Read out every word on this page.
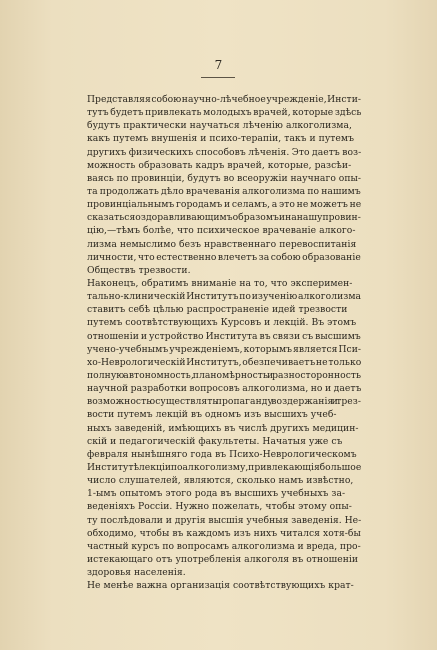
7
Представляя собою научно-лѣчебное учрежденіе, Инсти-
тутъ будетъ привлекать молодыхъ врачей, которые здѣсь
будутъ практически научаться лѣченію алкоголизма,
какъ путемъ внушенія и психо-терапіи, такъ и путемъ
другихъ физическихъ способовъ лѣченія. Это даетъ воз-
можность образовать кадръ врачей, которые, разсѣи-
ваясь по провинціи, будутъ во всеоружіи научнаго опы-
та продолжать дѣло врачеванія алкоголизма по нашимъ
провинціальнымъ городамъ и селамъ, а это не можетъ не
сказаться оздоравливающимъ образомъ и на нашу провин-
цію,—тѣмъ болѣе, что психическое врачеваніе алкого-
лизма немыслимо безъ нравственнаго перевоспитанія
личности, что естественно влечетъ за собою образованіе
Обществъ трезвости.
Наконецъ, обратимъ вниманіе на то, что эксперимен-
тально-клиническій Институтъ по изученію алкоголизма
ставитъ себѣ цѣлью распространеніе идей трезвости
путемъ соотвѣтствующихъ Курсовъ и лекцій. Въ этомъ
отношеніи и устройство Института въ связи съ высшимъ
учено-учебнымъ учрежденіемъ, которымъ является Пси-
хо-Неврологическій Институтъ, обезпечиваетъ не только
полную автономность, планомѣрность и разносторонность
научной разработки вопросовъ алкоголизма, но и даетъ
возможность осуществлять пропаганду воздержанія и трез-
вости путемъ лекцій въ одномъ изъ высшихъ учеб-
ныхъ заведеній, имѣющихъ въ числѣ другихъ медицин-
скій и педагогическій факультеты. Начатыя уже съ
февраля нынѣшняго года въ Психо-Неврологическомъ
Институтѣ лекціи по алкоголизму, привлекающія большое
число слушателей, являются, сколько намъ извѣстно,
1-ымъ опытомъ этого рода въ высшихъ учебныхъ за-
веденіяхъ Россіи. Нужно пожелать, чтобы этому опы-
ту послѣдовали и другія высшія учебныя заведенія. Не-
обходимо, чтобы въ каждомъ изъ нихъ читался хотя-бы
частный курсъ по вопросамъ алкоголизма и вреда, про-
истекающаго отъ употребленія алкоголя въ отношеніи
здоровья населенія.
Не менѣе важна организація соотвѣтствующихъ крат-
